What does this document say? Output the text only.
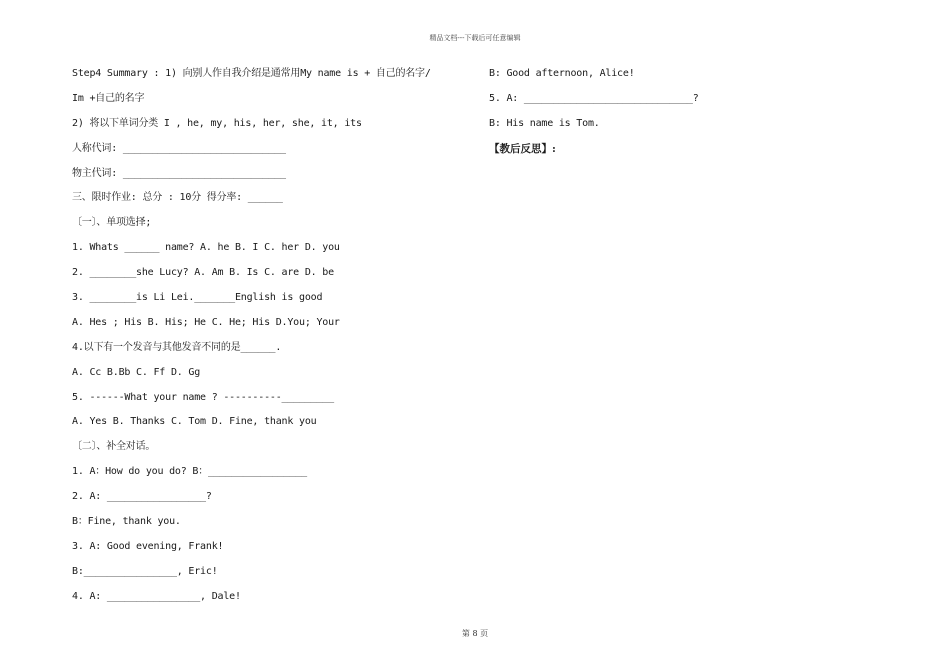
精品文档---下载后可任意编辑
Step4 Summary : 1) 向别人作自我介绍是通常用My name is + 自己的名字/
Im +自己的名字
2) 将以下单词分类 I , he, my, his, her, she, it, its
人称代词: ____________________________
物主代词: ____________________________
三、限时作业: 总分 : 10分 得分率: ______
〔一〕、单项选择;
1. Whats ______ name? A. he B. I C. her D. you
2. ________she Lucy? A. Am B. Is C. are D. be
3. ________is Li Lei._______English is good
A. Hes ; His B. His; He C. He; His D.You; Your
4.以下有一个发音与其他发音不同的是______.
A. Cc B.Bb C. Ff D. Gg
5. ------What your name ? ----------_________
A. Yes B. Thanks C. Tom D. Fine, thank you
〔二〕、补全对话。
1. A：How do you do? B：_________________
2. A: _________________?
B：Fine, thank you.
3. A: Good evening, Frank!
B:________________, Eric!
4. A: ________________, Dale!
B: Good afternoon, Alice!
5. A: _____________________________?
B: His name is Tom.
【教后反思】:
第 8 页
